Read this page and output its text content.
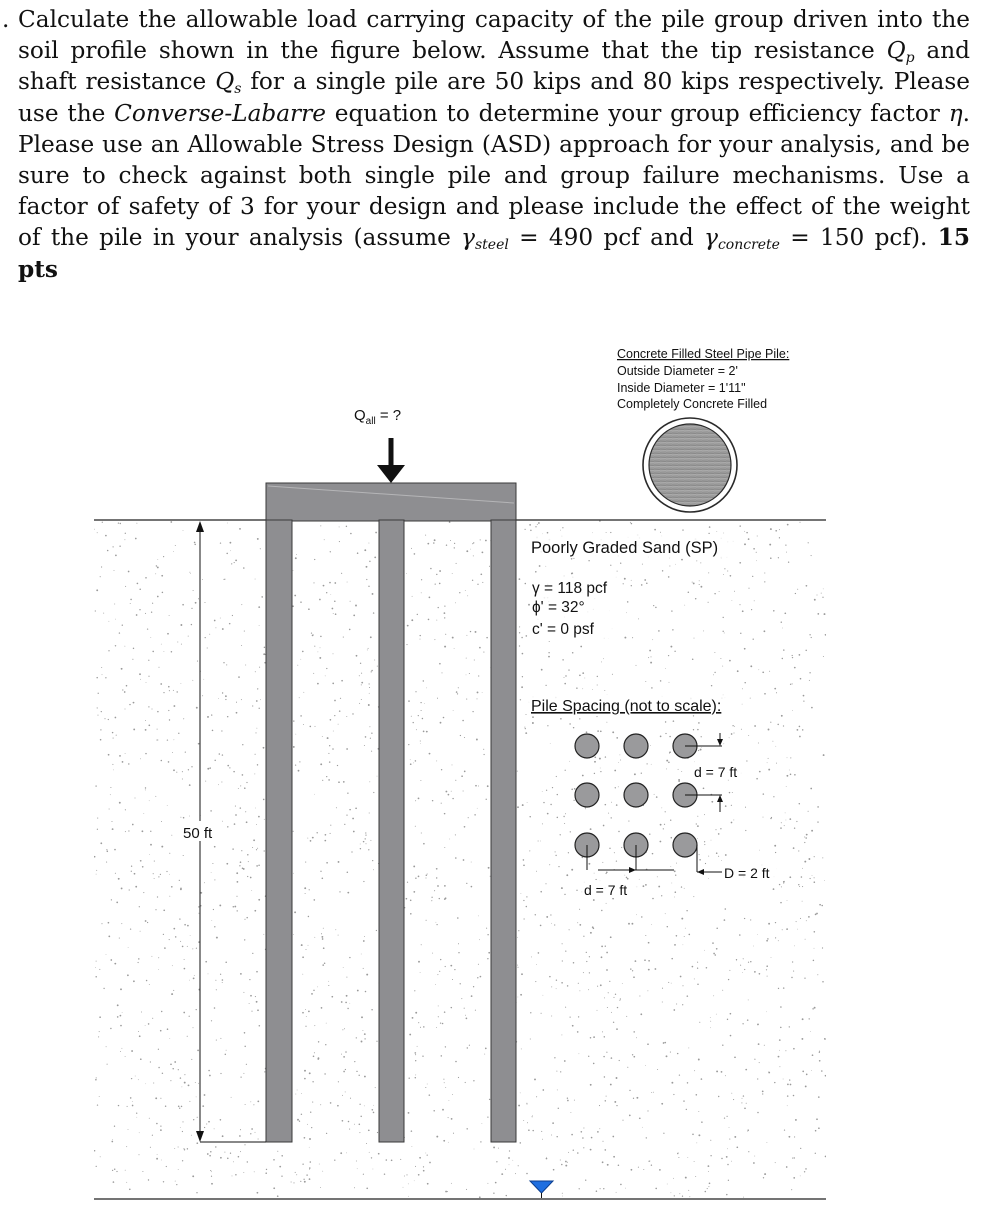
. Calculate the allowable load carrying capacity of the pile group driven into the soil profile shown in the figure below. Assume that the tip resistance $Q_p$ and shaft resistance $Q_s$ for a single pile are 50 kips and 80 kips respectively. Please use the Converse-Labarre equation to determine your group efficiency factor η. Please use an Allowable Stress Design (ASD) approach for your analysis, and be sure to check against both single pile and group failure mechanisms. Use a factor of safety of 3 for your design and please include the effect of the weight of the pile in your analysis (assume $\gamma_{steel} = 490$ pcf and $\gamma_{concrete} = 150$ pcf). 15 pts
$Q_{all}$ = ?
50 ft
Concrete Filled Steel Pipe Pile:
Outside Diameter = 2'
Inside Diameter = 1'11"
Completely Concrete Filled
Poorly Graded Sand (SP)
γ = 118 pcf
ϕ' = 32°
c' = 0 psf
Pile Spacing (not to scale):
d = 7 ft
d = 7 ft
D = 2 ft
